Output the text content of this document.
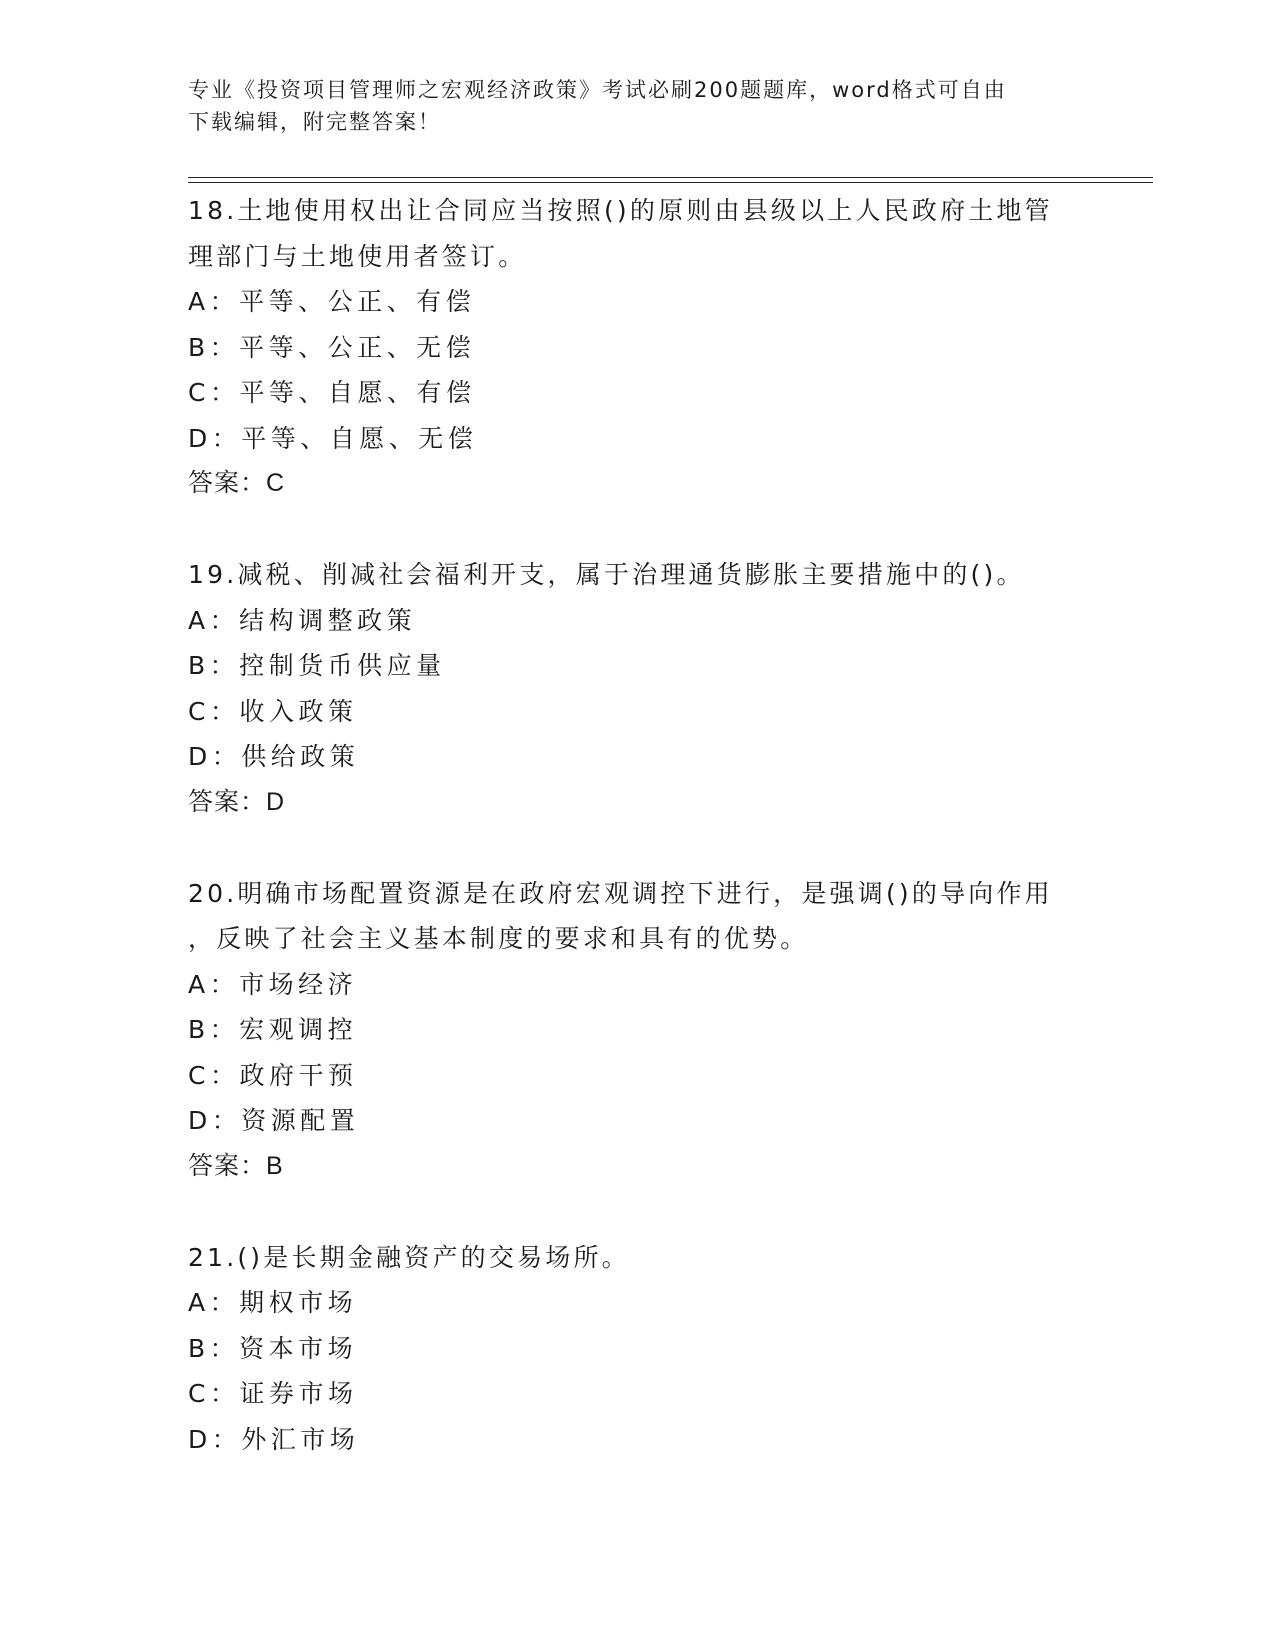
专业《投资项目管理师之宏观经济政策》考试必刷200题题库，word格式可自由
下载编辑，附完整答案！

18.土地使用权出让合同应当按照()的原则由县级以上人民政府土地管

理部门与土地使用者签订。

A：平等、公正、有偿

B：平等、公正、无偿

C：平等、自愿、有偿

D：平等、自愿、无偿

答案：C

19.减税、削减社会福利开支，属于治理通货膨胀主要措施中的()。

A：结构调整政策

B：控制货币供应量

C：收入政策

D：供给政策

答案：D

20.明确市场配置资源是在政府宏观调控下进行，是强调()的导向作用

，反映了社会主义基本制度的要求和具有的优势。

A：市场经济

B：宏观调控

C：政府干预

D：资源配置

答案：B

21.()是长期金融资产的交易场所。

A：期权市场

B：资本市场

C：证券市场

D：外汇市场
